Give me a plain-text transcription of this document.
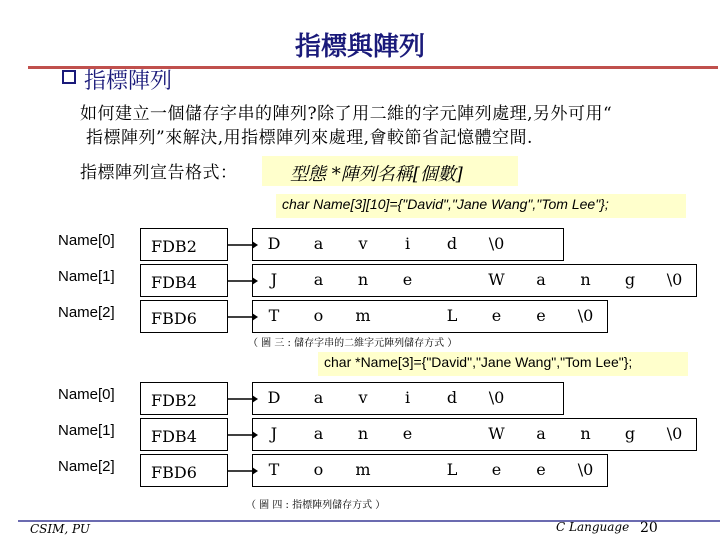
指標與陣列
指標陣列
如何建立一個儲存字串的陣列?除了用二維的字元陣列處理,另外可用“
指標陣列”來解決,用指標陣列來處理,會較節省記憶體空間.
指標陣列宣告格式：	型態 *陣列名稱[個數]
char Name[3][10]={"David","Jane Wang","Tom Lee"};
Name[0]	FDB2	D	a	v	i	d	\0
Name[1]	FDB4	J	a	n	e	W	a	n	g	\0
Name[2]	FBD6	T	o	m	L	e	e	\0
（ 圖 三 : 儲存字串的二維字元陣列儲存方式 ）
char *Name[3]={"David","Jane Wang","Tom Lee"};
Name[0]	FDB2	D	a	v	i	d	\0
Name[1]	FDB4	J	a	n	e	W	a	n	g	\0
Name[2]	FBD6	T	o	m	L	e	e	\0
（ 圖 四 : 指標陣列儲存方式 ）
CSIM, PU	C Language 20
